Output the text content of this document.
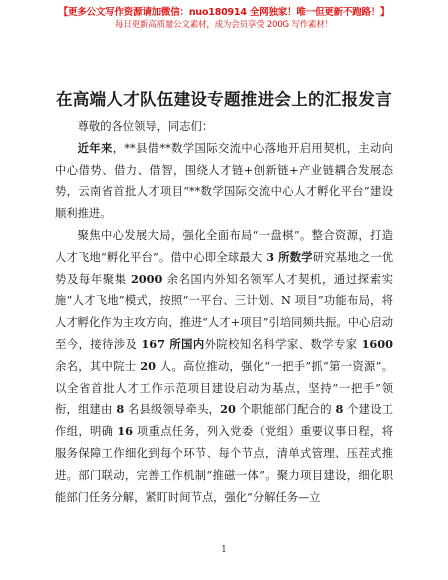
【更多公文写作资源请加微信：nuo180914 全网独家！唯一但更新不跑路！】
每日更新高质量公文素材，成为会员享受 200G 写作素材！
在高端人才队伍建设专题推进会上的汇报发言

尊敬的各位领导，同志们：

近年来，**县借**数学国际交流中心落地开启用契机，主动向中心借势、借力、借智，围绕人才链+创新链+产业链耦合发展态势，云南省首批人才项目“**数学国际交流中心人才孵化平台”建设顺利推进。

聚焦中心发展大局，强化全面布局“一盘棋”。整合资源，打造人才飞地“孵化平台”。借中心即全球最大 3 所数学研究基地之一优势及每年聚集 2000 余名国内外知名领军人才契机，通过探索实施“人才飞地”模式，按照“一平台、三计划、N 项目”功能布局，将人才孵化作为主攻方向，推进“人才+项目”引培同频共振。中心启动至今，接待涉及 167 所国内外院校知名科学家、数学专家 1600 余名，其中院士 20 人。高位推动，强化“一把手”抓“第一资源”。以全省首批人才工作示范项目建设启动为基点，坚持“一把手”领衔，组建由 8 名县级领导牵头，20 个职能部门配合的 8 个建设工作组，明确 16 项重点任务，列入党委（党组）重要议事日程，将服务保障工作细化到每个环节、每个节点，清单式管理、压茬式推进。部门联动，完善工作机制“推磁一体”。聚力项目建设，细化职能部门任务分解，紧盯时间节点，强化“分解任务—立

1
